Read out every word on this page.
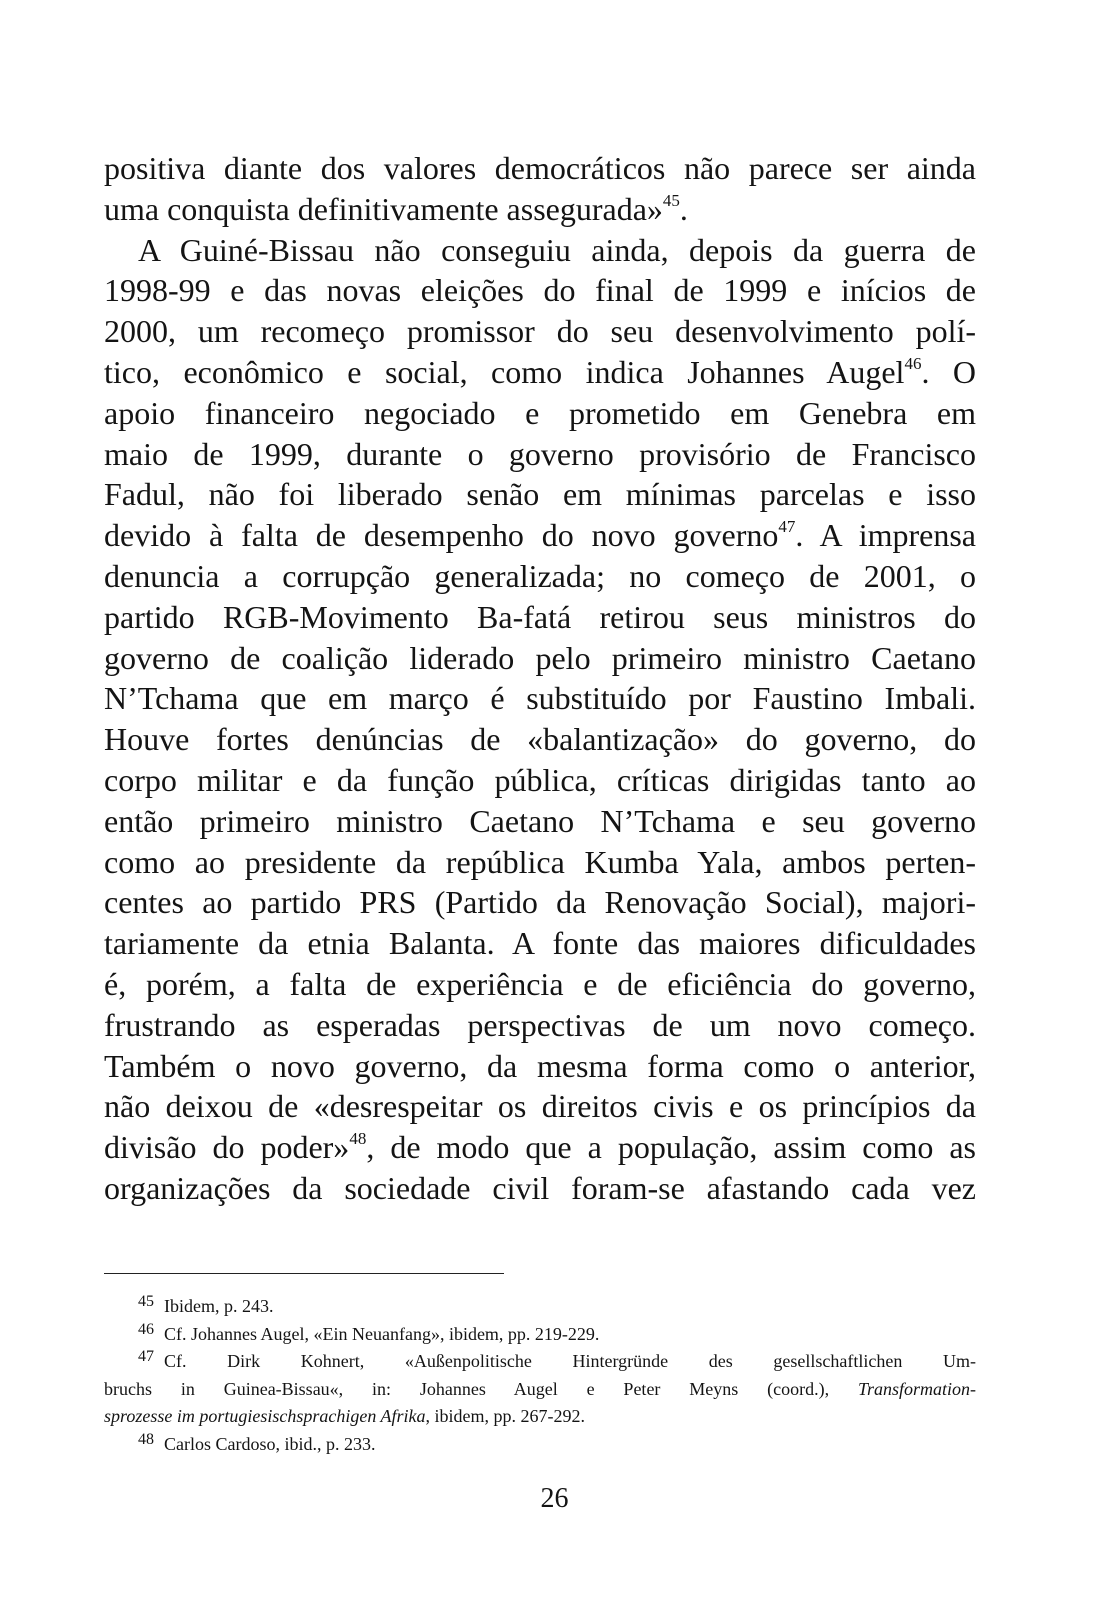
positiva diante dos valores democráticos não parece ser ainda
uma conquista definitivamente assegurada»$^{45}$.
A Guiné-Bissau não conseguiu ainda, depois da guerra de
1998-99 e das novas eleições do final de 1999 e inícios de
2000, um recomeço promissor do seu desenvolvimento polí-
tico, econômico e social, como indica Johannes Augel$^{46}$. O
apoio financeiro negociado e prometido em Genebra em
maio de 1999, durante o governo provisório de Francisco
Fadul, não foi liberado senão em mínimas parcelas e isso
devido à falta de desempenho do novo governo$^{47}$. A imprensa
denuncia a corrupção generalizada; no começo de 2001, o
partido RGB-Movimento Ba-fatá retirou seus ministros do
governo de coalição liderado pelo primeiro ministro Caetano
N’Tchama que em março é substituído por Faustino Imbali.
Houve fortes denúncias de «balantização» do governo, do
corpo militar e da função pública, críticas dirigidas tanto ao
então primeiro ministro Caetano N’Tchama e seu governo
como ao presidente da república Kumba Yala, ambos perten-
centes ao partido PRS (Partido da Renovação Social), majori-
tariamente da etnia Balanta. A fonte das maiores dificuldades
é, porém, a falta de experiência e de eficiência do governo,
frustrando as esperadas perspectivas de um novo começo.
Também o novo governo, da mesma forma como o anterior,
não deixou de «desrespeitar os direitos civis e os princípios da
divisão do poder»$^{48}$, de modo que a população, assim como as
organizações da sociedade civil foram-se afastando cada vez

45 Ibidem, p. 243.

46 Cf. Johannes Augel, «Ein Neuanfang», ibidem, pp. 219-229.

47 Cf. Dirk Kohnert, «Außenpolitische Hintergründe des gesellschaftlichen Um-
bruchs in Guinea-Bissau«, in: Johannes Augel e Peter Meyns (coord.), Transformation-
sprozesse im portugiesischsprachigen Afrika, ibidem, pp. 267-292.

48 Carlos Cardoso, ibid., p. 233.

26
